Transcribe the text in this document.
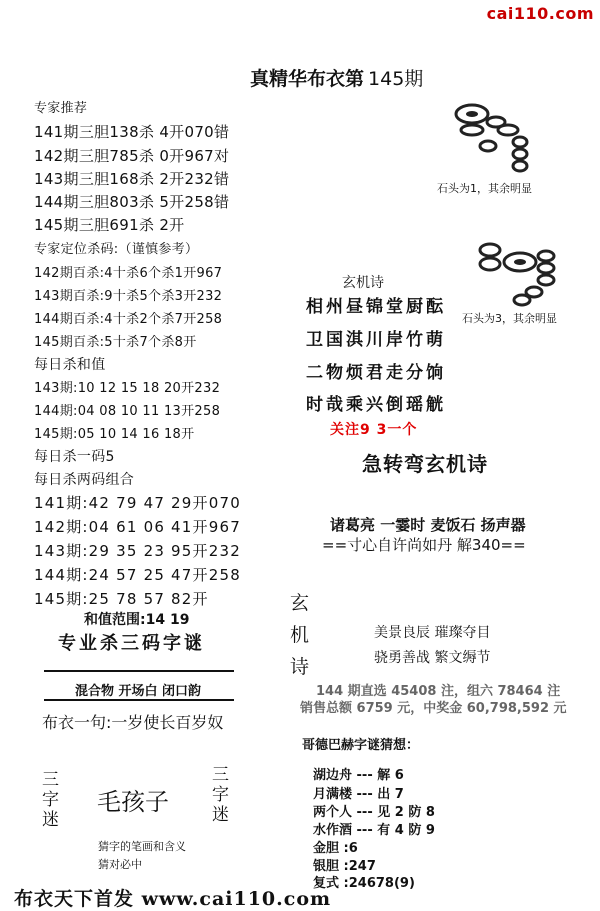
cai110.com
真精华布衣第 145期
专家推荐
141期三胆138杀 4开070错
142期三胆785杀 0开967对
143期三胆168杀 2开232错
144期三胆803杀 5开258错
145期三胆691杀 2开
专家定位杀码:（谨慎参考）
142期百杀:4十杀6个杀1开967
143期百杀:9十杀5个杀3开232
144期百杀:4十杀2个杀7开258
145期百杀:5十杀7个杀8开
每日杀和值
143期:10 12 15 18 20开232
144期:04 08 10 11 13开258
145期:05 10 14 16 18开
每日杀一码5
每日杀两码组合
141期:42 79 47 29开070
142期:04 61 06 41开967
143期:29 35 23 95开232
144期:24 57 25 47开258
145期:25 78 57 82开
和值范围:14 19
专业杀三码字谜
混合物 开场白 闭口韵
布衣一句:一岁使长百岁奴
三字迷
毛孩子
三字迷
猜字的笔画和含义
猜对必中
布衣天下首发 www.cai110.com
石头为1，其余明显
石头为3，其余明显
玄机诗
相州昼锦堂厨酝
卫国淇川岸竹萌
二物烦君走分饷
时哉乘兴倒瑶觥
关注9 3一个
急转弯玄机诗
诸葛亮 一霎时 麦饭石 扬声器
==寸心自许尚如丹 解340==
玄
机
诗
美景良辰 璀璨夺目
骁勇善战 繁文缛节
144 期直选 45408 注，组六 78464 注
销售总额 6759 元，中奖金 60,798,592 元
哥德巴赫字谜猜想：
湖边舟 --- 解 6
月满楼 --- 出 7
两个人 --- 见 2 防 8
水作酒 --- 有 4 防 9
金胆 :6
银胆 :247
复式 :24678(9)
